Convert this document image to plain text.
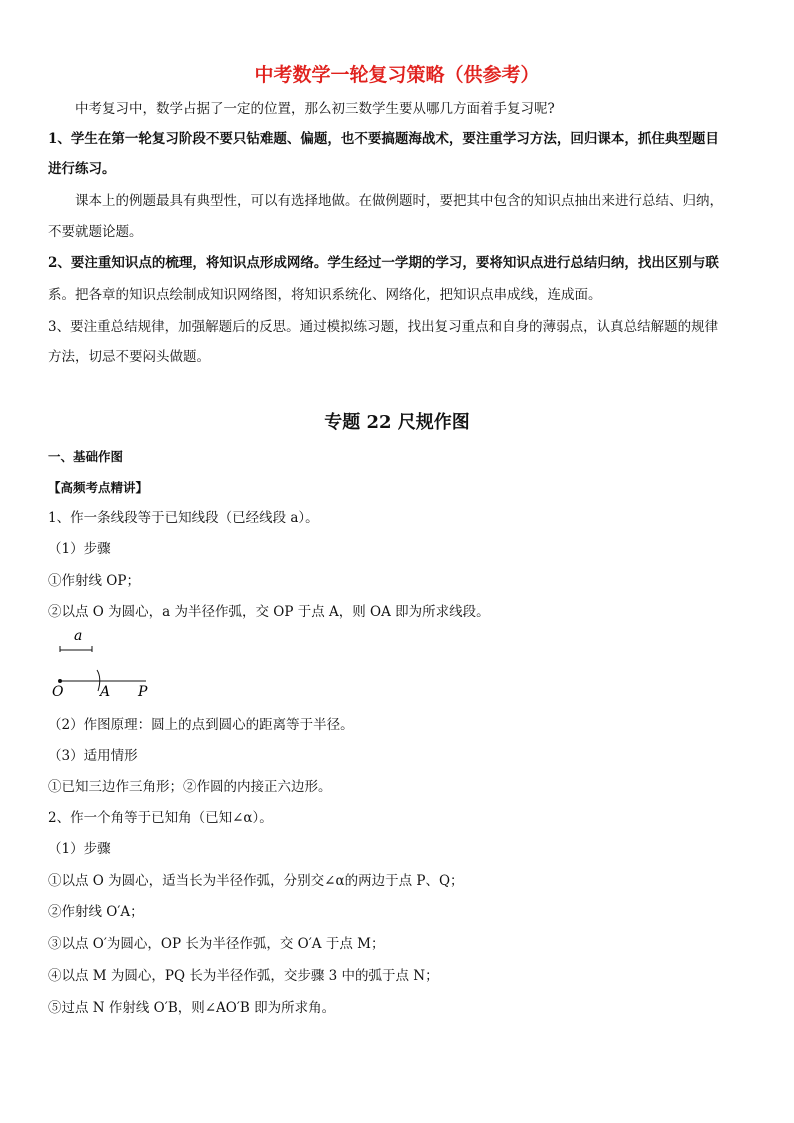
中考数学一轮复习策略（供参考）
中考复习中，数学占据了一定的位置，那么初三数学生要从哪几方面着手复习呢?
1、学生在第一轮复习阶段不要只钻难题、偏题，也不要搞题海战术，要注重学习方法，回归课本，抓住典型题目
进行练习。
课本上的例题最具有典型性，可以有选择地做。在做例题时，要把其中包含的知识点抽出来进行总结、归纳，
不要就题论题。
2、要注重知识点的梳理，将知识点形成网络。学生经过一学期的学习，要将知识点进行总结归纳，找出区别与联
系。把各章的知识点绘制成知识网络图，将知识系统化、网络化，把知识点串成线，连成面。
3、要注重总结规律，加强解题后的反思。通过模拟练习题，找出复习重点和自身的薄弱点，认真总结解题的规律
方法，切忌不要闷头做题。
专题 22 尺规作图
一、基础作图
【高频考点精讲】
1、作一条线段等于已知线段（已经线段 a）。
（1）步骤
①作射线 OP；
②以点 O 为圆心，a 为半径作弧，交 OP 于点 A，则 OA 即为所求线段。
a
O	A P
（2）作图原理：圆上的点到圆心的距离等于半径。
（3）适用情形
①已知三边作三角形；②作圆的内接正六边形。
2、作一个角等于已知角（已知∠α）。
（1）步骤
①以点 O 为圆心，适当长为半径作弧，分别交∠α的两边于点 P、Q；
②作射线 O′A；
③以点 O′为圆心，OP 长为半径作弧，交 O′A 于点 M；
④以点 M 为圆心，PQ 长为半径作弧，交步骤 3 中的弧于点 N；
⑤过点 N 作射线 O′B，则∠AO′B 即为所求角。
